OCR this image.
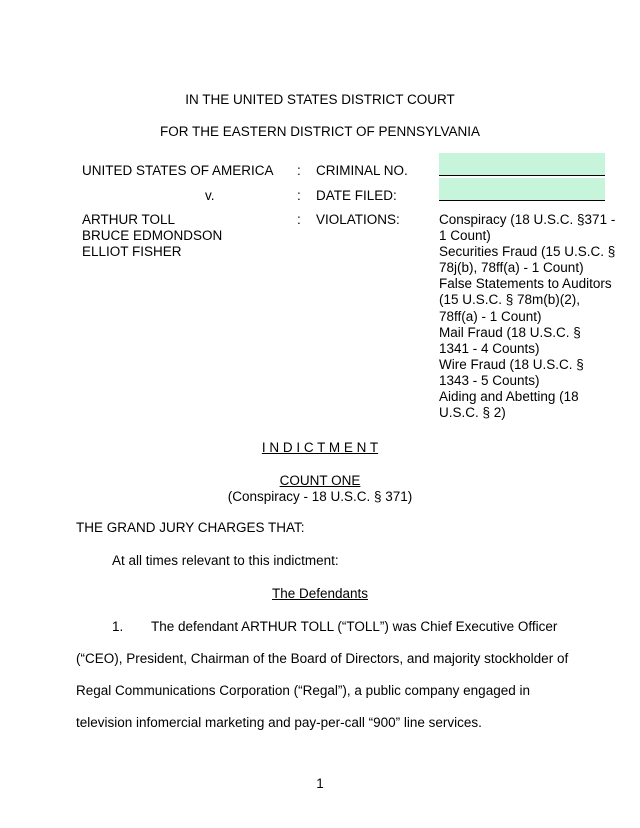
IN THE UNITED STATES DISTRICT COURT
FOR THE EASTERN DISTRICT OF PENNSYLVANIA
UNITED STATES OF AMERICA
v.
ARTHUR TOLL
BRUCE EDMONDSON
ELLIOT FISHER
:
:
:
CRIMINAL NO.
DATE FILED:
VIOLATIONS:	Conspiracy (18 U.S.C. §371 -
1 Count)
Securities Fraud (15 U.S.C. §
78j(b), 78ff(a) - 1 Count)
False Statements to Auditors
(15 U.S.C. § 78m(b)(2),
78ff(a) - 1 Count)
Mail Fraud (18 U.S.C. §
1341 - 4 Counts)
Wire Fraud (18 U.S.C. §
1343 - 5 Counts)
Aiding and Abetting (18
U.S.C. § 2)
I N D I C T M E N T
COUNT ONE
(Conspiracy - 18 U.S.C. § 371)
THE GRAND JURY CHARGES THAT:
At all times relevant to this indictment:
The Defendants
1. The defendant ARTHUR TOLL (“TOLL”) was Chief Executive Officer
(“CEO), President, Chairman of the Board of Directors, and majority stockholder of
Regal Communications Corporation (“Regal”), a public company engaged in
television infomercial marketing and pay-per-call “900” line services.
1
